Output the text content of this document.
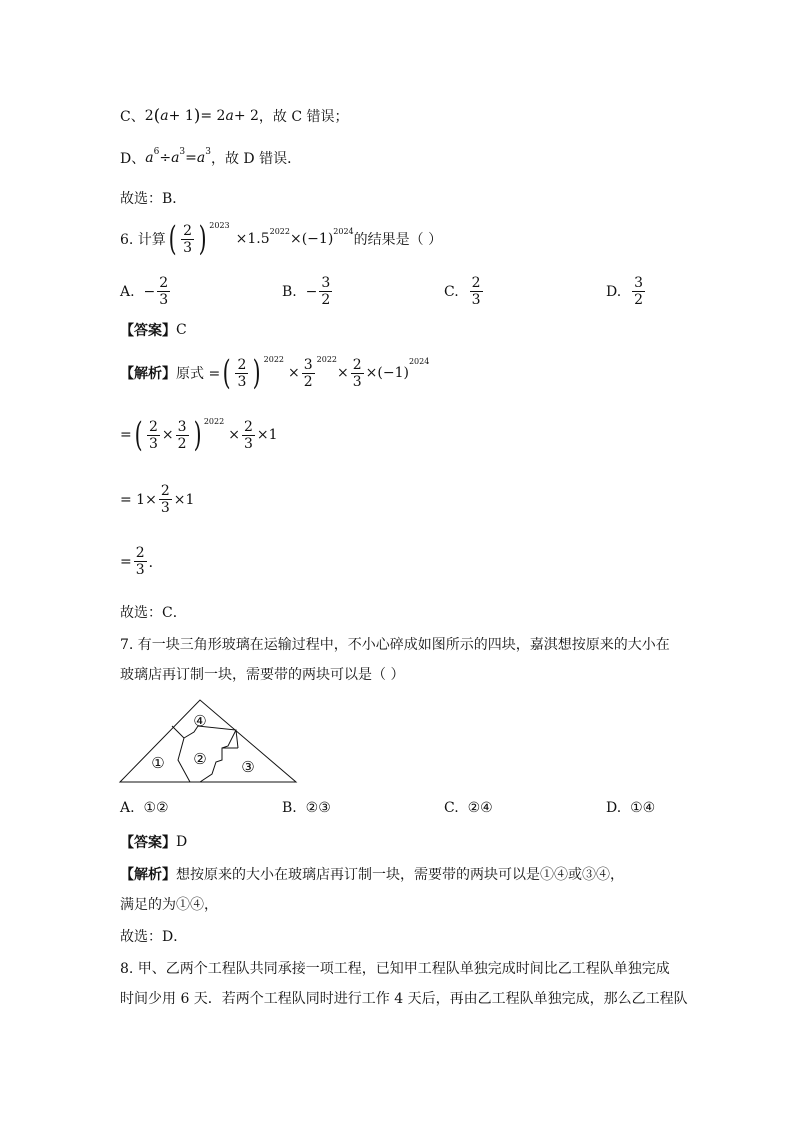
C、 2 ( a + 1 ) = 2 a + 2 ，故 C 错误；
D、 a 6 ÷ a 3 = a 3 ，故 D 错误．
故选：B．
6. 计算 ( $\frac{2}{3}$ ) 2023
×1.5 2022 ×(−1) 2024
的结果是（ ）
A.
− $\frac{2}{3}$	B.
− $\frac{3}{2}$	C.
$\frac{2}{3}$	D.
$\frac{3}{2}$
【答案】 C
【解析】 原式 = ( $\frac{2}{3}$ ) 2022
× $\frac{3}{2} 2022$
× $\frac{2}{3} \times(-1)$
2024
= ( $\frac{2}{3} \times \frac{3}{2}$ ) 2022
× $\frac{2}{3} \times 1$
= $1\times \frac{2}{3} \times 1$
= $\frac{2}{3}$ ．
故选：C．
7. 有一块三角形玻璃在运输过程中，不小心碎成如图所示的四块，嘉淇想按原来的大小在
玻璃店再订制一块，需要带的两块可以是（ ）
④
① ② ③
A.
①②	B.
②③	C.
②④	D.
①④
【答案】 D
【解析】 想按原来的大小在玻璃店再订制一块，需要带的两块可以是①④或③④，
满足的为①④，
故选：D．
8. 甲、乙两个工程队共同承接一项工程，已知甲工程队单独完成时间比乙工程队单独完成
时间少用 6 天．若两个工程队同时进行工作 4 天后，再由乙工程队单独完成，那么乙工程队
